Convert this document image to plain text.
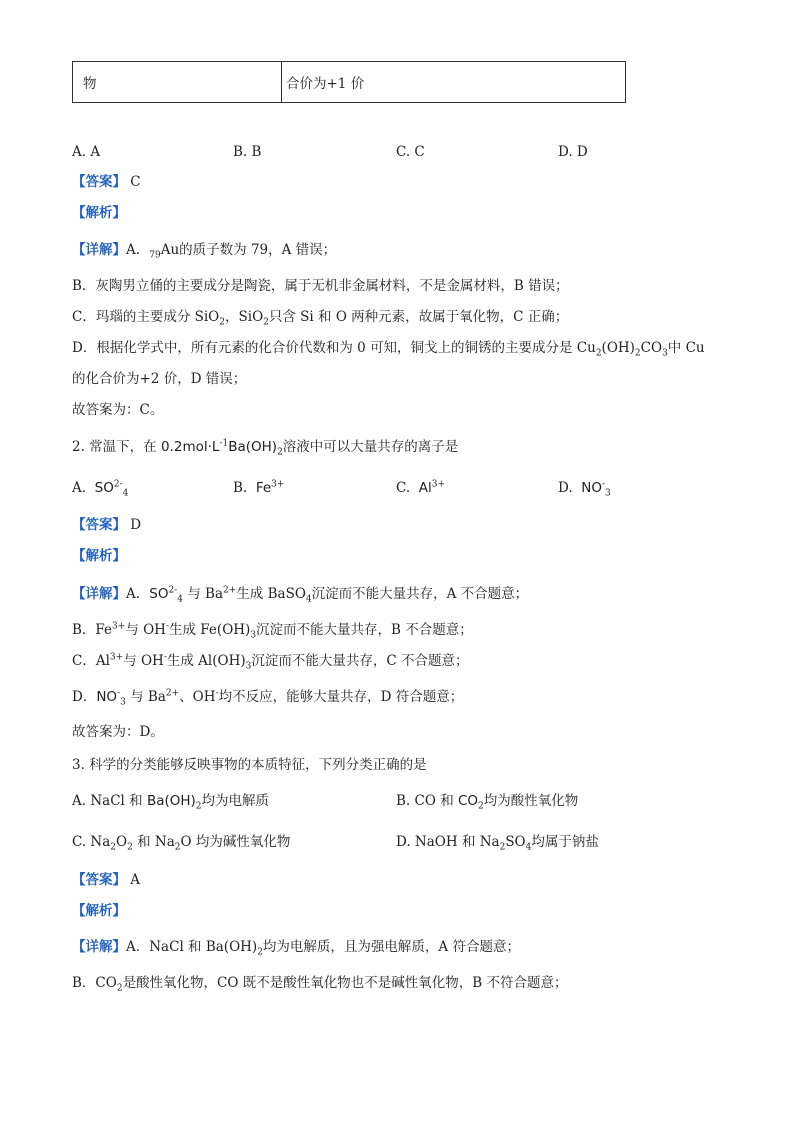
物	合价为+1 价
A. A	B. B	C. C	D. D
【答案】 C
【解析】
【详解】A．$_{79}$Au的质子数为 79，A 错误；
B．灰陶男立俑的主要成分是陶瓷，属于无机非金属材料，不是金属材料，B 错误；
C．玛瑙的主要成分 SiO$_2$，SiO$_2$只含 Si 和 O 两种元素，故属于氧化物，C 正确；
D．根据化学式中，所有元素的化合价代数和为 0 可知，铜戈上的铜锈的主要成分是 $Cu_2(OH)_2CO_3$中 Cu
的化合价为+2 价，D 错误；
故答案为：C。
2. 常温下，在 $0.2mol\cdot L^{-1}Ba(OH)_2$溶液中可以大量共存的离子是
A. $SO^{2-}_4$	B. $Fe^{3+}$	C. $Al^{3+}$	D. $NO^-_3$
【答案】 D
【解析】
【详解】A．$SO^{2-}_4$ 与 $Ba^{2+}$生成 BaSO$_4$沉淀而不能大量共存，A 不合题意；
B．$Fe^{3+}$与 OH-生成 $Fe(OH)_3$沉淀而不能大量共存，B 不合题意；
C．$Al^{3+}$与 OH-生成 $Al(OH)_3$沉淀而不能大量共存，C 不合题意；
D．$NO^-_3$ 与 $Ba^{2+}$、OH-均不反应，能够大量共存，D 符合题意；
故答案为：D。
3. 科学的分类能够反映事物的本质特征，下列分类正确的是
A. NaCl 和 $Ba(OH)_2$均为电解质	B. CO 和 $CO_2$均为酸性氧化物
C. $Na_2O_2$ 和 $Na_2O$ 均为碱性氧化物	D. NaOH 和 $Na_2SO_4$均属于钠盐
【答案】 A
【解析】
【详解】A．NaCl 和 $Ba(OH)_2$均为电解质，且为强电解质，A 符合题意；
B．$CO_2$是酸性氧化物，CO 既不是酸性氧化物也不是碱性氧化物，B 不符合题意；
